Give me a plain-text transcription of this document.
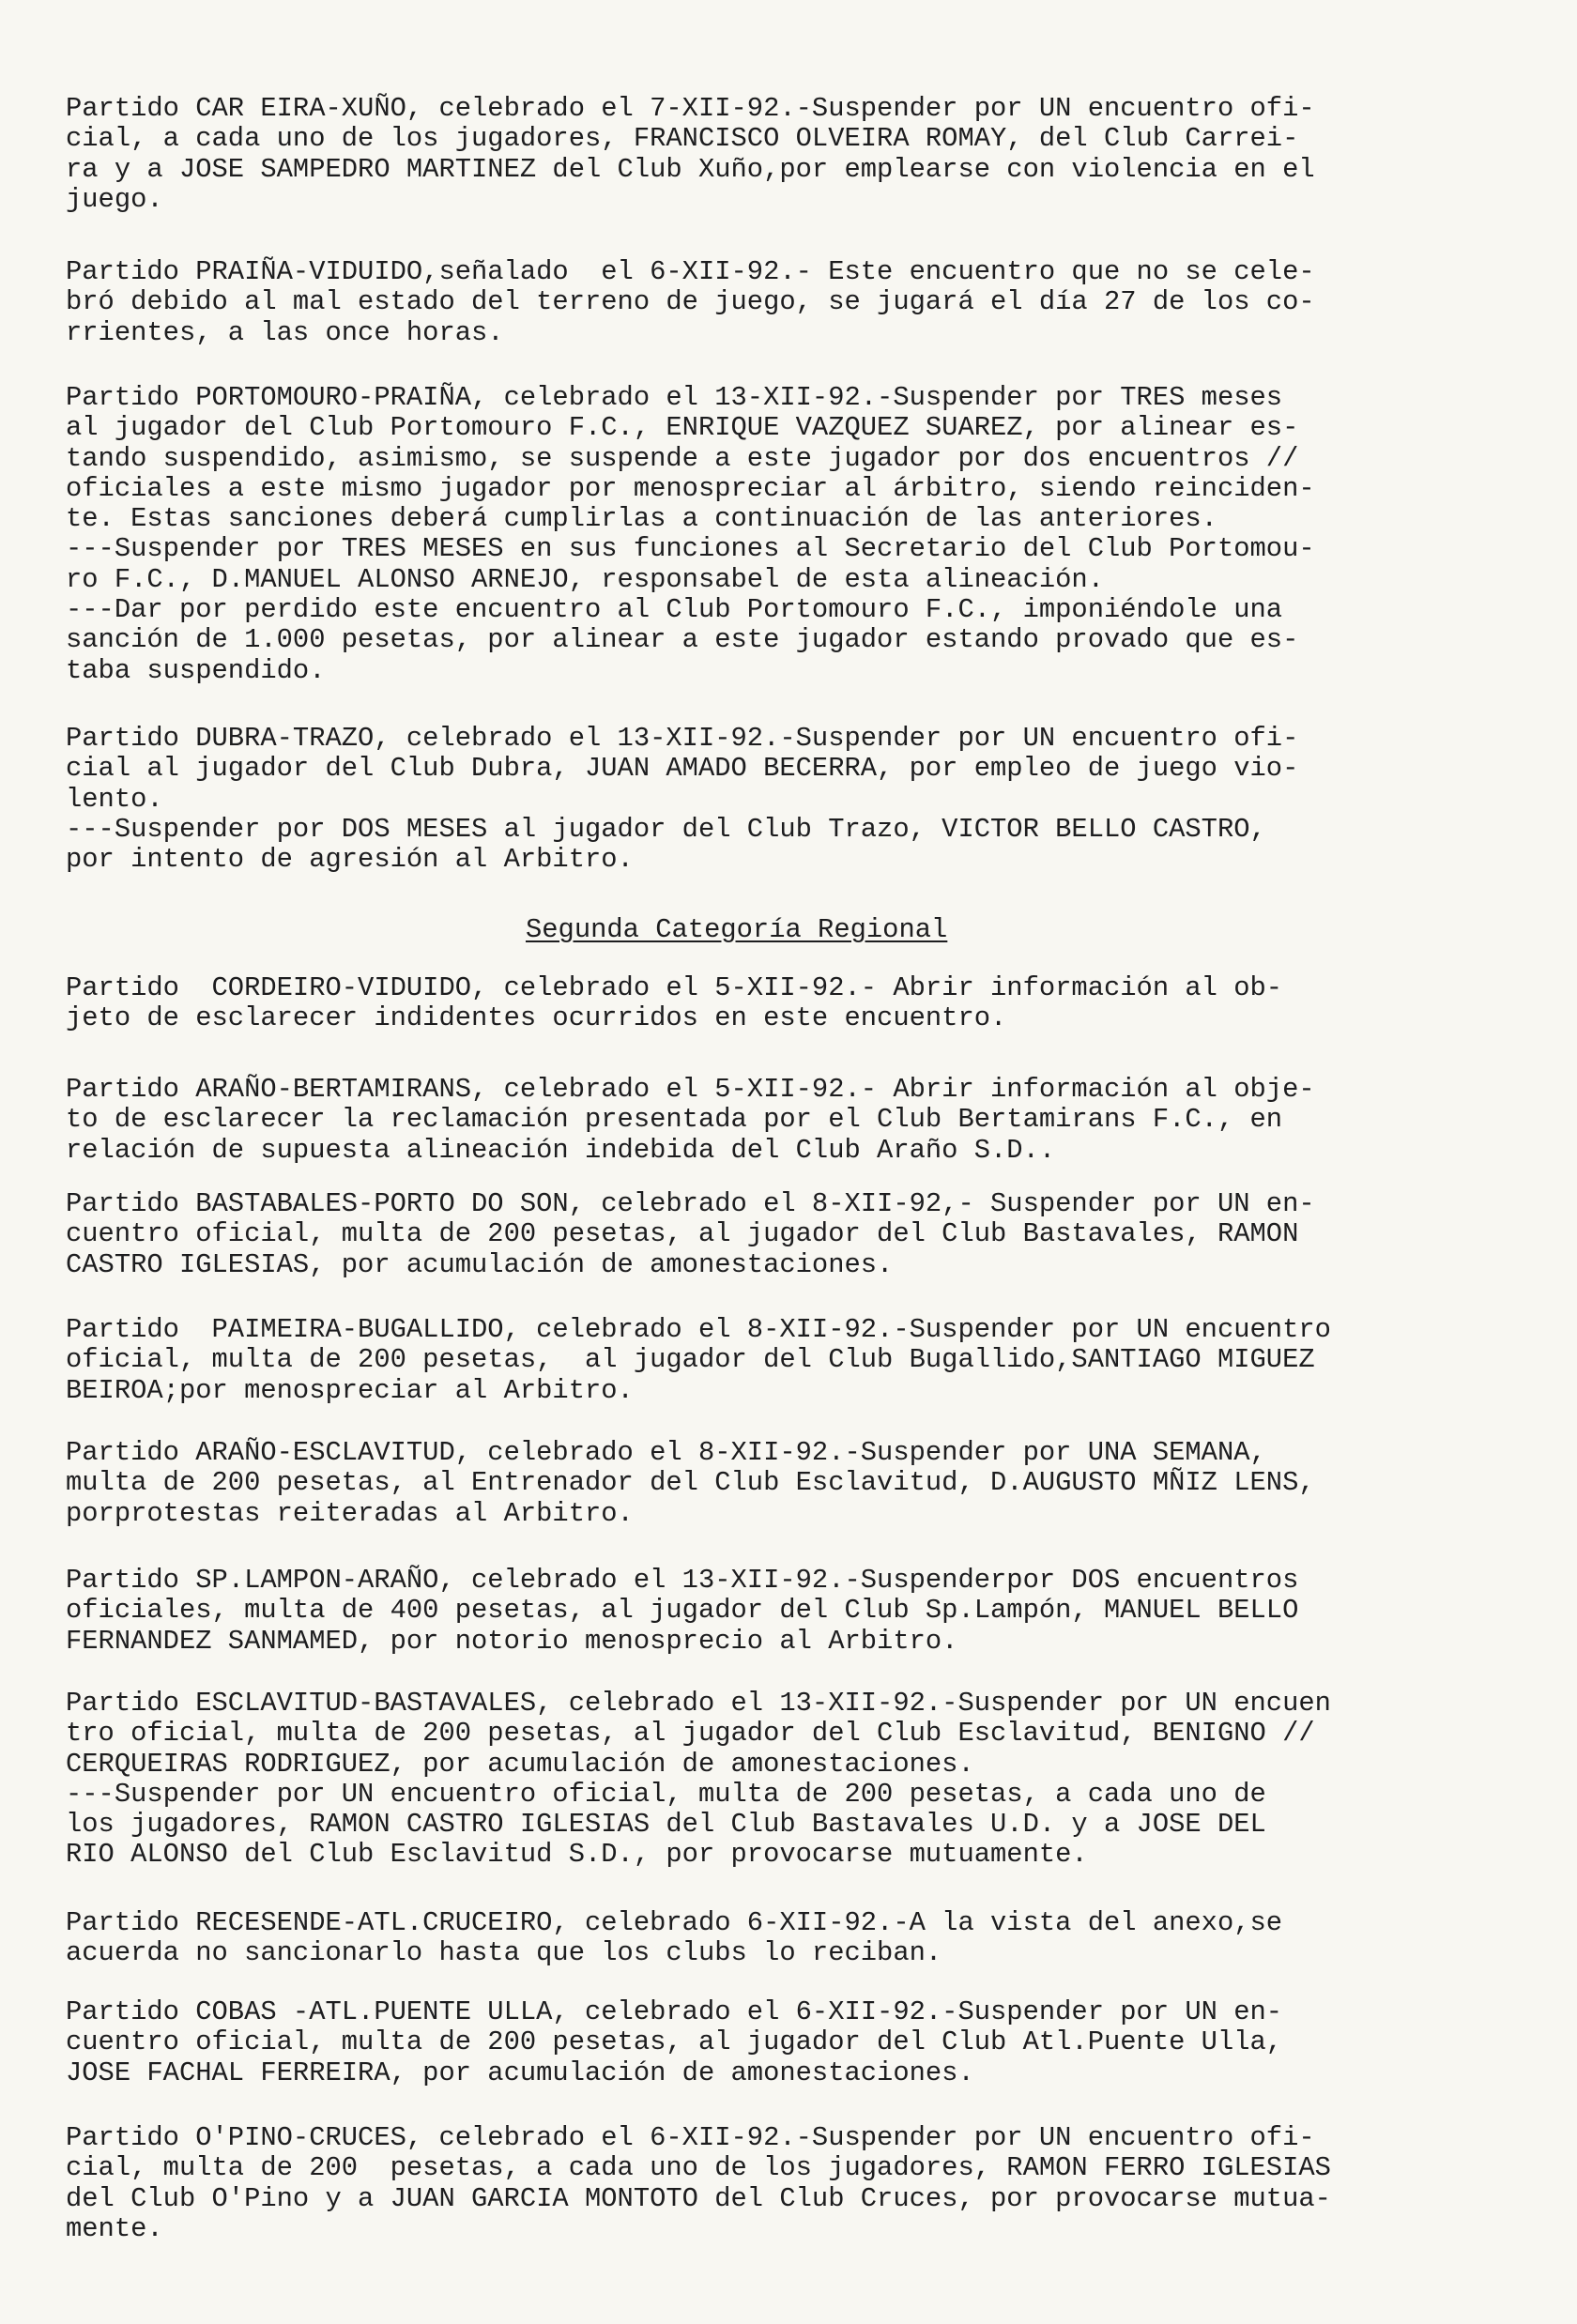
Partido CAR EIRA-XUÑO, celebrado el 7-XII-92.-Suspender por UN encuentro ofi-
cial, a cada uno de los jugadores, FRANCISCO OLVEIRA ROMAY, del Club Carrei-
ra y a JOSE SAMPEDRO MARTINEZ del Club Xuño,por emplearse con violencia en el
juego.
Partido PRAIÑA-VIDUIDO,señalado  el 6-XII-92.- Este encuentro que no se cele-
bró debido al mal estado del terreno de juego, se jugará el día 27 de los co-
rrientes, a las once horas.
Partido PORTOMOURO-PRAIÑA, celebrado el 13-XII-92.-Suspender por TRES meses
al jugador del Club Portomouro F.C., ENRIQUE VAZQUEZ SUAREZ, por alinear es-
tando suspendido, asimismo, se suspende a este jugador por dos encuentros //
oficiales a este mismo jugador por menospreciar al árbitro, siendo reinciden-
te. Estas sanciones deberá cumplirlas a continuación de las anteriores.
---Suspender por TRES MESES en sus funciones al Secretario del Club Portomou-
ro F.C., D.MANUEL ALONSO ARNEJO, responsabel de esta alineación.
---Dar por perdido este encuentro al Club Portomouro F.C., imponiéndole una
sanción de 1.000 pesetas, por alinear a este jugador estando provado que es-
taba suspendido.
Partido DUBRA-TRAZO, celebrado el 13-XII-92.-Suspender por UN encuentro ofi-
cial al jugador del Club Dubra, JUAN AMADO BECERRA, por empleo de juego vio-
lento.
---Suspender por DOS MESES al jugador del Club Trazo, VICTOR BELLO CASTRO,
por intento de agresión al Arbitro.
Segunda Categoría Regional
Partido  CORDEIRO-VIDUIDO, celebrado el 5-XII-92.- Abrir información al ob-
jeto de esclarecer indidentes ocurridos en este encuentro.
Partido ARAÑO-BERTAMIRANS, celebrado el 5-XII-92.- Abrir información al obje-
to de esclarecer la reclamación presentada por el Club Bertamirans F.C., en
relación de supuesta alineación indebida del Club Araño S.D..
Partido BASTABALES-PORTO DO SON, celebrado el 8-XII-92,- Suspender por UN en-
cuentro oficial, multa de 200 pesetas, al jugador del Club Bastavales, RAMON
CASTRO IGLESIAS, por acumulación de amonestaciones.
Partido  PAIMEIRA-BUGALLIDO, celebrado el 8-XII-92.-Suspender por UN encuentro
oficial, multa de 200 pesetas,  al jugador del Club Bugallido,SANTIAGO MIGUEZ
BEIROA;por menospreciar al Arbitro.
Partido ARAÑO-ESCLAVITUD, celebrado el 8-XII-92.-Suspender por UNA SEMANA,
multa de 200 pesetas, al Entrenador del Club Esclavitud, D.AUGUSTO MÑIZ LENS,
porprotestas reiteradas al Arbitro.
Partido SP.LAMPON-ARAÑO, celebrado el 13-XII-92.-Suspenderpor DOS encuentros
oficiales, multa de 400 pesetas, al jugador del Club Sp.Lampón, MANUEL BELLO
FERNANDEZ SANMAMED, por notorio menosprecio al Arbitro.
Partido ESCLAVITUD-BASTAVALES, celebrado el 13-XII-92.-Suspender por UN encuen
tro oficial, multa de 200 pesetas, al jugador del Club Esclavitud, BENIGNO //
CERQUEIRAS RODRIGUEZ, por acumulación de amonestaciones.
---Suspender por UN encuentro oficial, multa de 200 pesetas, a cada uno de
los jugadores, RAMON CASTRO IGLESIAS del Club Bastavales U.D. y a JOSE DEL
RIO ALONSO del Club Esclavitud S.D., por provocarse mutuamente.
Partido RECESENDE-ATL.CRUCEIRO, celebrado 6-XII-92.-A la vista del anexo,se
acuerda no sancionarlo hasta que los clubs lo reciban.
Partido COBAS -ATL.PUENTE ULLA, celebrado el 6-XII-92.-Suspender por UN en-
cuentro oficial, multa de 200 pesetas, al jugador del Club Atl.Puente Ulla,
JOSE FACHAL FERREIRA, por acumulación de amonestaciones.
Partido O'PINO-CRUCES, celebrado el 6-XII-92.-Suspender por UN encuentro ofi-
cial, multa de 200  pesetas, a cada uno de los jugadores, RAMON FERRO IGLESIAS
del Club O'Pino y a JUAN GARCIA MONTOTO del Club Cruces, por provocarse mutua-
mente.
